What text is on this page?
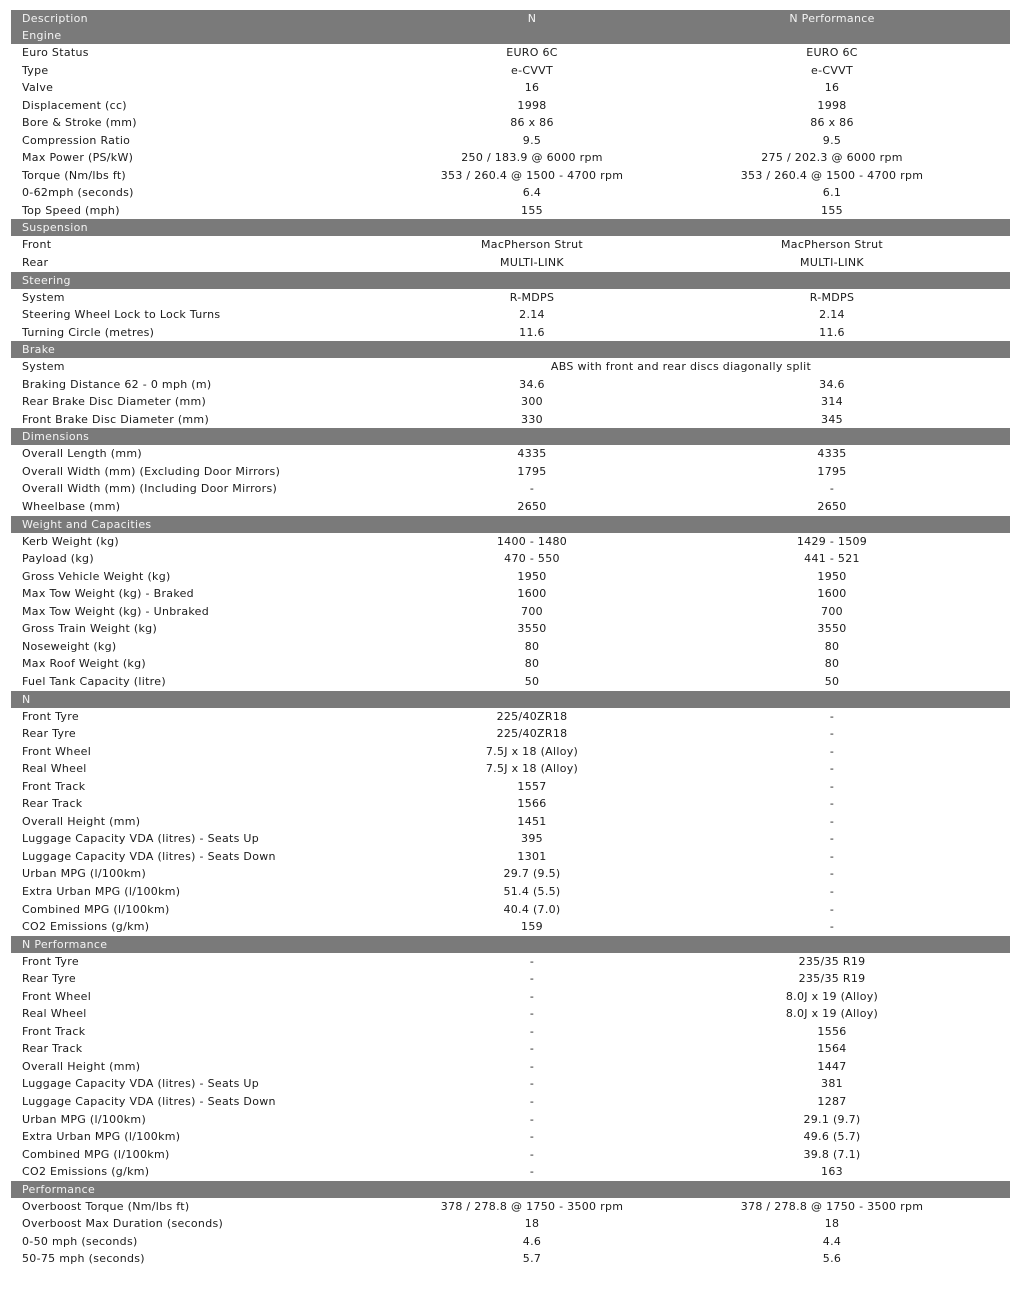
Description	N	N Performance
Engine
Euro Status	EURO 6C	EURO 6C
Type	e-CVVT	e-CVVT
Valve	16	16
Displacement (cc)	1998	1998
Bore & Stroke (mm)	86 x 86	86 x 86
Compression Ratio	9.5	9.5
Max Power (PS/kW)	250 / 183.9 @ 6000 rpm	275 / 202.3 @ 6000 rpm
Torque (Nm/lbs ft)	353 / 260.4 @ 1500 - 4700 rpm	353 / 260.4 @ 1500 - 4700 rpm
0-62mph (seconds)	6.4	6.1
Top Speed (mph)	155	155
Suspension
Front	MacPherson Strut	MacPherson Strut
Rear	MULTI-LINK	MULTI-LINK
Steering
System	R-MDPS	R-MDPS
Steering Wheel Lock to Lock Turns	2.14	2.14
Turning Circle (metres)	11.6	11.6
Brake
System	ABS with front and rear discs diagonally split
Braking Distance 62 - 0 mph (m)	34.6	34.6
Rear Brake Disc Diameter (mm)	300	314
Front Brake Disc Diameter (mm)	330	345
Dimensions
Overall Length (mm)	4335	4335
Overall Width (mm) (Excluding Door Mirrors)	1795	1795
Overall Width (mm) (Including Door Mirrors)	-	-
Wheelbase (mm)	2650	2650
Weight and Capacities
Kerb Weight (kg)	1400 - 1480	1429 - 1509
Payload (kg)	470 - 550	441 - 521
Gross Vehicle Weight (kg)	1950	1950
Max Tow Weight (kg) - Braked	1600	1600
Max Tow Weight (kg) - Unbraked	700	700
Gross Train Weight (kg)	3550	3550
Noseweight (kg)	80	80
Max Roof Weight (kg)	80	80
Fuel Tank Capacity (litre)	50	50
N
Front Tyre	225/40ZR18	-
Rear Tyre	225/40ZR18	-
Front Wheel	7.5J x 18 (Alloy)	-
Real Wheel	7.5J x 18 (Alloy)	-
Front Track	1557	-
Rear Track	1566	-
Overall Height (mm)	1451	-
Luggage Capacity VDA (litres) - Seats Up	395	-
Luggage Capacity VDA (litres) - Seats Down	1301	-
Urban MPG (l/100km)	29.7 (9.5)	-
Extra Urban MPG (l/100km)	51.4 (5.5)	-
Combined MPG (l/100km)	40.4 (7.0)	-
CO2 Emissions (g/km)	159	-
N Performance
Front Tyre	-	235/35 R19
Rear Tyre	-	235/35 R19
Front Wheel	-	8.0J x 19 (Alloy)
Real Wheel	-	8.0J x 19 (Alloy)
Front Track	-	1556
Rear Track	-	1564
Overall Height (mm)	-	1447
Luggage Capacity VDA (litres) - Seats Up	-	381
Luggage Capacity VDA (litres) - Seats Down	-	1287
Urban MPG (l/100km)	-	29.1 (9.7)
Extra Urban MPG (l/100km)	-	49.6 (5.7)
Combined MPG (l/100km)	-	39.8 (7.1)
CO2 Emissions (g/km)	-	163
Performance
Overboost Torque (Nm/lbs ft)	378 / 278.8 @ 1750 - 3500 rpm	378 / 278.8 @ 1750 - 3500 rpm
Overboost Max Duration (seconds)	18	18
0-50 mph (seconds)	4.6	4.4
50-75 mph (seconds)	5.7	5.6
